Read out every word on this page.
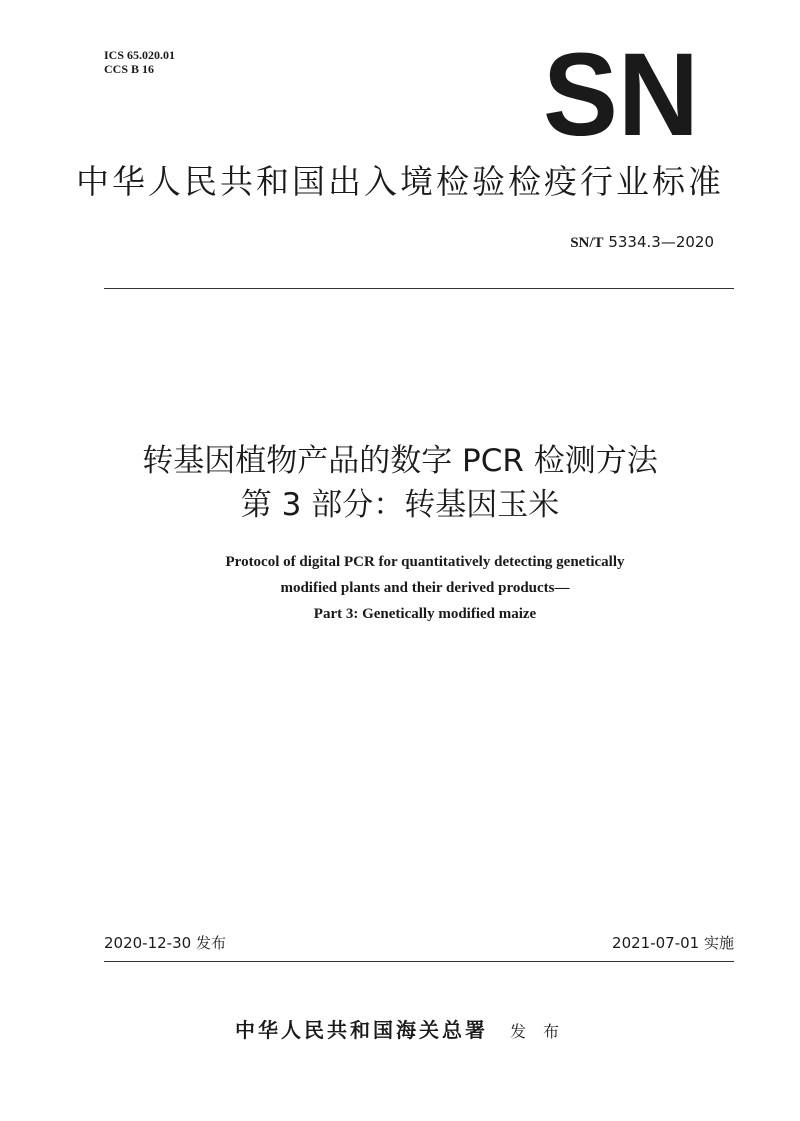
ICS 65.020.01
CCS B 16	SN
中华人民共和国出入境检验检疫行业标准
SN/T 5334.3—2020
转基因植物产品的数字 PCR 检测方法
第 3 部分：转基因玉米
Protocol of digital PCR for quantitatively detecting genetically
modified plants and their derived products—
Part 3: Genetically modified maize
2020-12-30 发布	2021-07-01 实施
中华人民共和国海关总署 发 布
